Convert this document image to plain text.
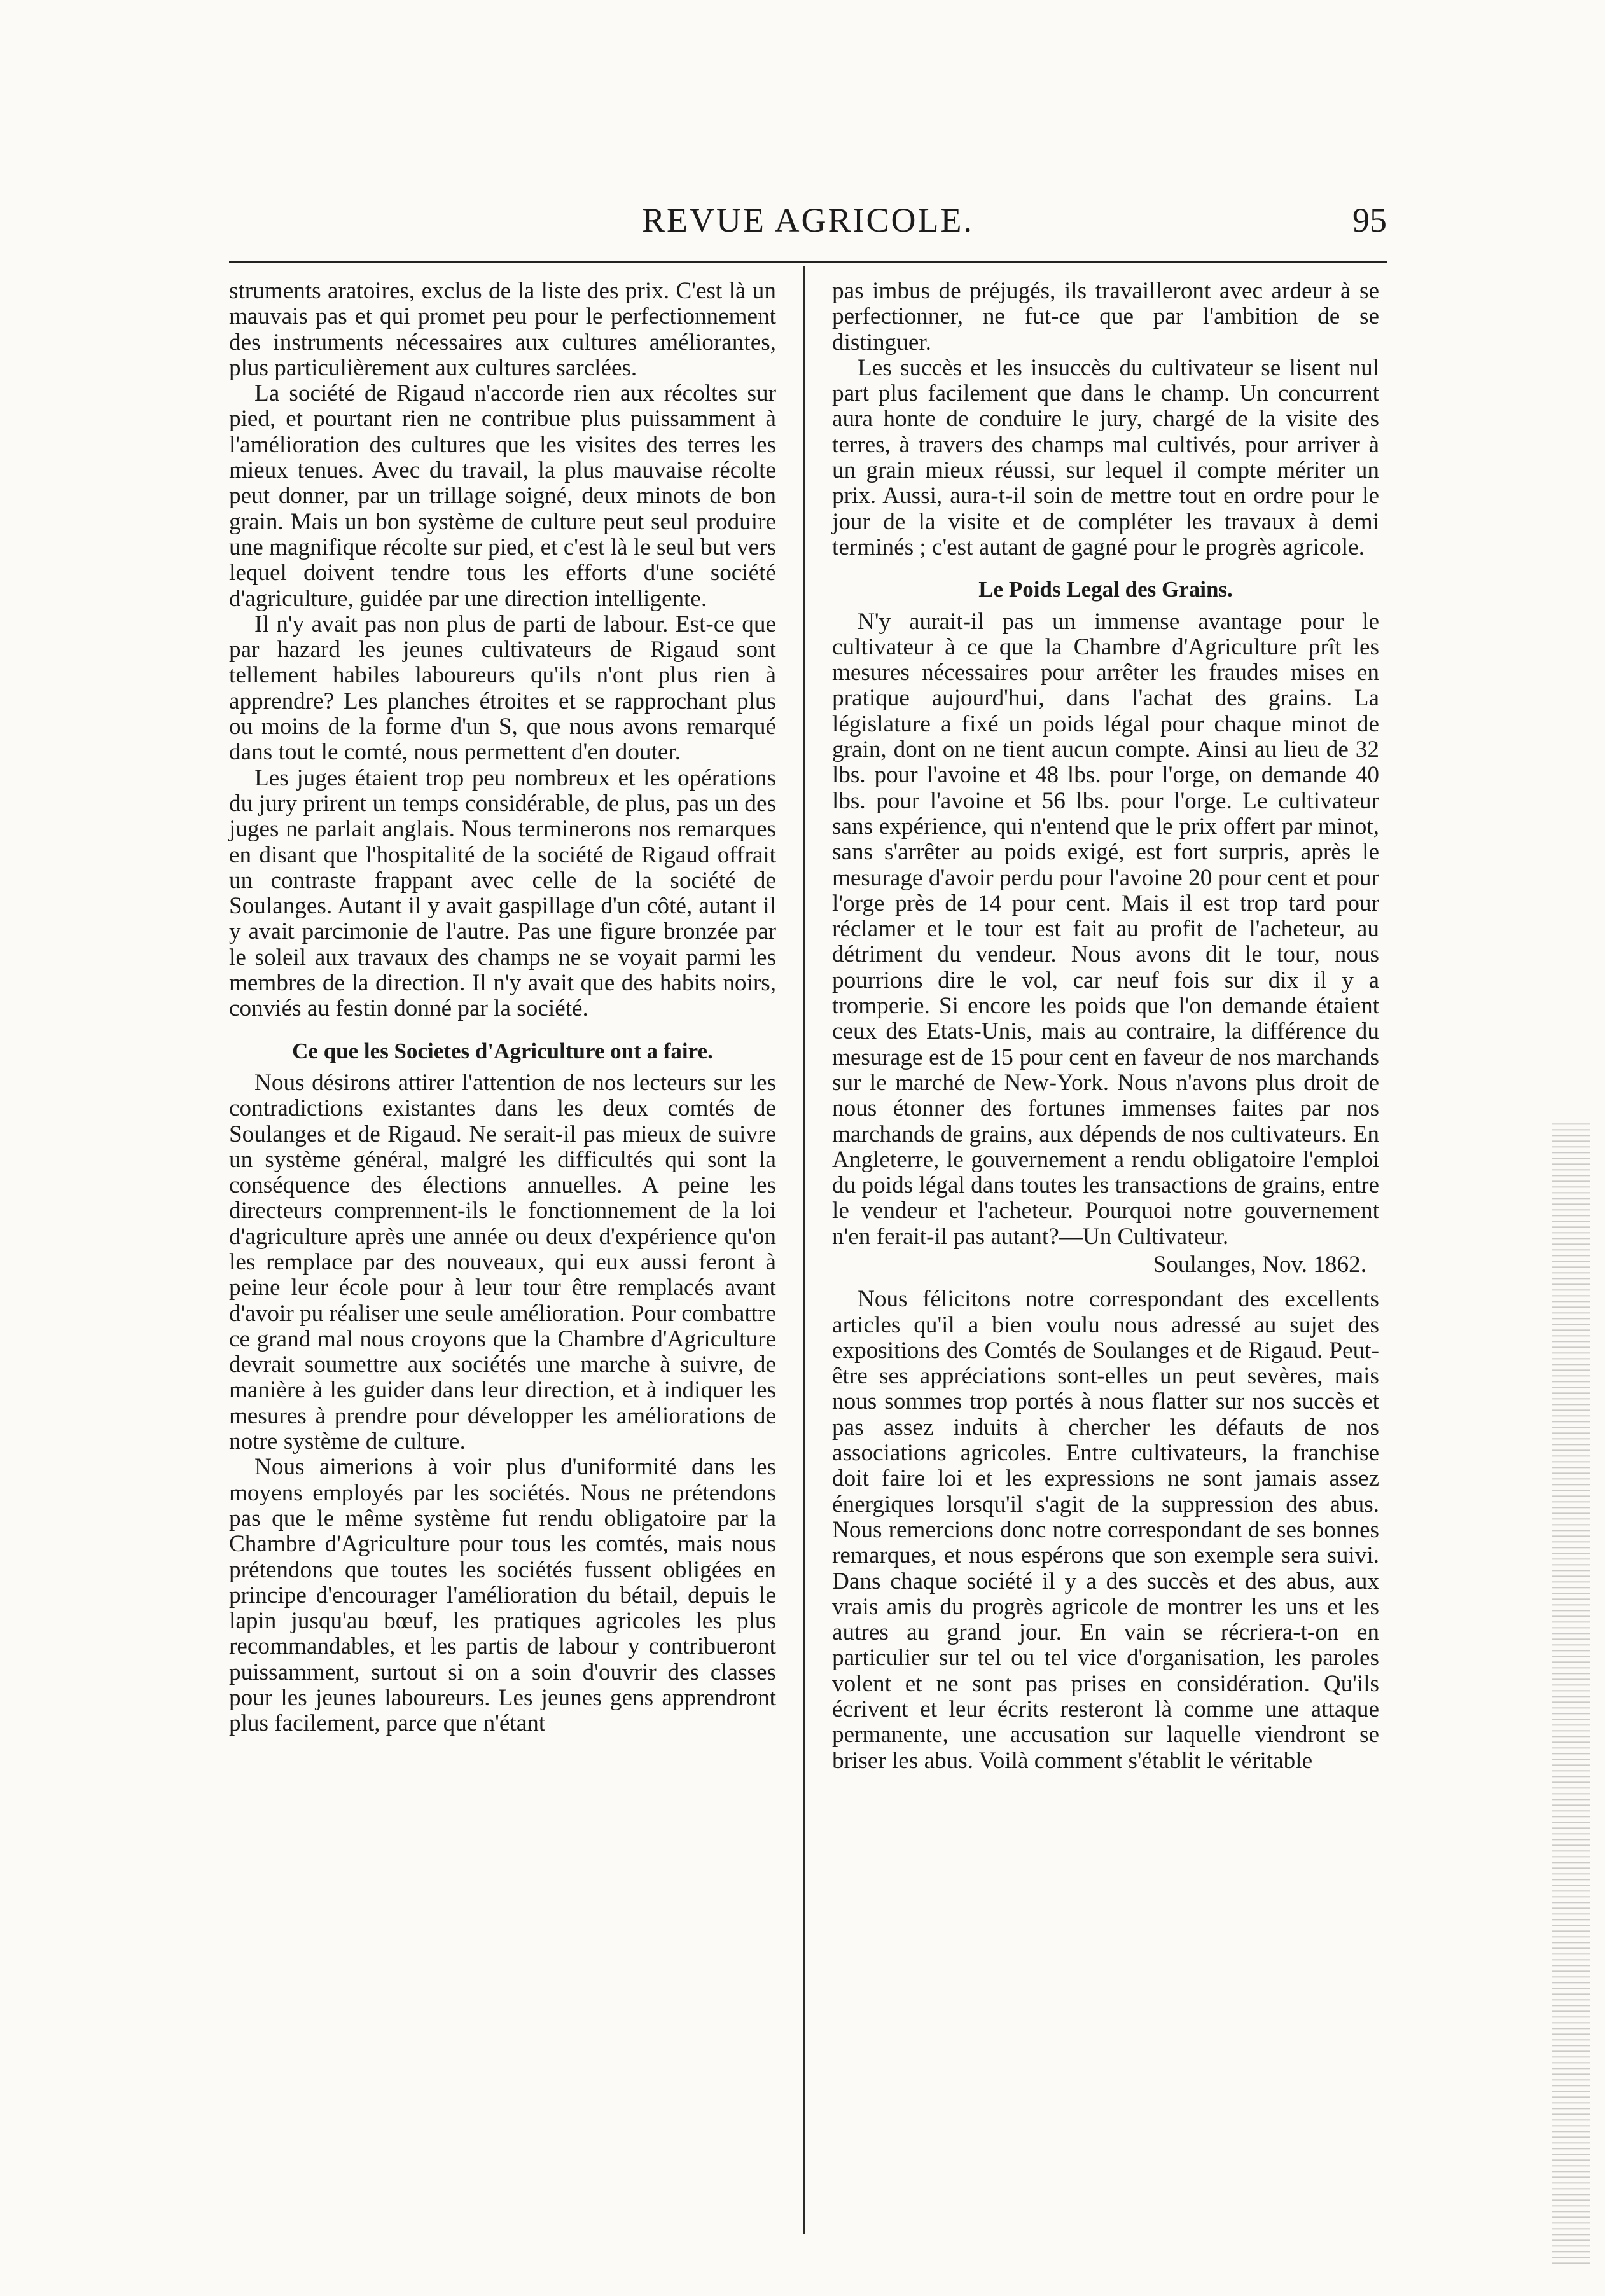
REVUE AGRICOLE.	95

struments aratoires, exclus de la liste des prix. C'est là un mauvais pas et qui promet peu pour le perfectionnement des instruments nécessaires aux cultures améliorantes, plus particulièrement aux cultures sarclées.

La société de Rigaud n'accorde rien aux récoltes sur pied, et pourtant rien ne contribue plus puissamment à l'amélioration des cultures que les visites des terres les mieux tenues. Avec du travail, la plus mauvaise récolte peut donner, par un trillage soigné, deux minots de bon grain. Mais un bon système de culture peut seul produire une magnifique récolte sur pied, et c'est là le seul but vers lequel doivent tendre tous les efforts d'une société d'agriculture, guidée par une direction intelligente.

Il n'y avait pas non plus de parti de labour. Est-ce que par hazard les jeunes cultivateurs de Rigaud sont tellement habiles laboureurs qu'ils n'ont plus rien à apprendre? Les planches étroites et se rapprochant plus ou moins de la forme d'un S, que nous avons remarqué dans tout le comté, nous permettent d'en douter.

Les juges étaient trop peu nombreux et les opérations du jury prirent un temps considérable, de plus, pas un des juges ne parlait anglais. Nous terminerons nos remarques en disant que l'hospitalité de la société de Rigaud offrait un contraste frappant avec celle de la société de Soulanges. Autant il y avait gaspillage d'un côté, autant il y avait parcimonie de l'autre. Pas une figure bronzée par le soleil aux travaux des champs ne se voyait parmi les membres de la direction. Il n'y avait que des habits noirs, conviés au festin donné par la société.

Ce que les Societes d'Agriculture ont a faire.

Nous désirons attirer l'attention de nos lecteurs sur les contradictions existantes dans les deux comtés de Soulanges et de Rigaud. Ne serait-il pas mieux de suivre un système général, malgré les difficultés qui sont la conséquence des élections annuelles. A peine les directeurs comprennent-ils le fonctionnement de la loi d'agriculture après une année ou deux d'expérience qu'on les remplace par des nouveaux, qui eux aussi feront à peine leur école pour à leur tour être remplacés avant d'avoir pu réaliser une seule amélioration. Pour combattre ce grand mal nous croyons que la Chambre d'Agriculture devrait soumettre aux sociétés une marche à suivre, de manière à les guider dans leur direction, et à indiquer les mesures à prendre pour développer les améliorations de notre système de culture.

Nous aimerions à voir plus d'uniformité dans les moyens employés par les sociétés. Nous ne prétendons pas que le même système fut rendu obligatoire par la Chambre d'Agriculture pour tous les comtés, mais nous prétendons que toutes les sociétés fussent obligées en principe d'encourager l'amélioration du bétail, depuis le lapin jusqu'au bœuf, les pratiques agricoles les plus recommandables, et les partis de labour y contribueront puissamment, surtout si on a soin d'ouvrir des classes pour les jeunes laboureurs. Les jeunes gens apprendront plus facilement, parce que n'étant

pas imbus de préjugés, ils travailleront avec ardeur à se perfectionner, ne fut-ce que par l'ambition de se distinguer.

Les succès et les insuccès du cultivateur se lisent nul part plus facilement que dans le champ. Un concurrent aura honte de conduire le jury, chargé de la visite des terres, à travers des champs mal cultivés, pour arriver à un grain mieux réussi, sur lequel il compte mériter un prix. Aussi, aura-t-il soin de mettre tout en ordre pour le jour de la visite et de compléter les travaux à demi terminés ; c'est autant de gagné pour le progrès agricole.

Le Poids Legal des Grains.

N'y aurait-il pas un immense avantage pour le cultivateur à ce que la Chambre d'Agriculture prît les mesures nécessaires pour arrêter les fraudes mises en pratique aujourd'hui, dans l'achat des grains. La législature a fixé un poids légal pour chaque minot de grain, dont on ne tient aucun compte. Ainsi au lieu de 32 lbs. pour l'avoine et 48 lbs. pour l'orge, on demande 40 lbs. pour l'avoine et 56 lbs. pour l'orge. Le cultivateur sans expérience, qui n'entend que le prix offert par minot, sans s'arrêter au poids exigé, est fort surpris, après le mesurage d'avoir perdu pour l'avoine 20 pour cent et pour l'orge près de 14 pour cent. Mais il est trop tard pour réclamer et le tour est fait au profit de l'acheteur, au détriment du vendeur. Nous avons dit le tour, nous pourrions dire le vol, car neuf fois sur dix il y a tromperie. Si encore les poids que l'on demande étaient ceux des Etats-Unis, mais au contraire, la différence du mesurage est de 15 pour cent en faveur de nos marchands sur le marché de New-York. Nous n'avons plus droit de nous étonner des fortunes immenses faites par nos marchands de grains, aux dépends de nos cultivateurs. En Angleterre, le gouvernement a rendu obligatoire l'emploi du poids légal dans toutes les transactions de grains, entre le vendeur et l'acheteur. Pourquoi notre gouvernement n'en ferait-il pas autant?—Un Cultivateur.

Soulanges, Nov. 1862.

Nous félicitons notre correspondant des excellents articles qu'il a bien voulu nous adressé au sujet des expositions des Comtés de Soulanges et de Rigaud. Peut-être ses appréciations sont-elles un peut sevères, mais nous sommes trop portés à nous flatter sur nos succès et pas assez induits à chercher les défauts de nos associations agricoles. Entre cultivateurs, la franchise doit faire loi et les expressions ne sont jamais assez énergiques lorsqu'il s'agit de la suppression des abus. Nous remercions donc notre correspondant de ses bonnes remarques, et nous espérons que son exemple sera suivi. Dans chaque société il y a des succès et des abus, aux vrais amis du progrès agricole de montrer les uns et les autres au grand jour. En vain se récriera-t-on en particulier sur tel ou tel vice d'organisation, les paroles volent et ne sont pas prises en considération. Qu'ils écrivent et leur écrits resteront là comme une attaque permanente, une accusation sur laquelle viendront se briser les abus. Voilà comment s'établit le véritable
